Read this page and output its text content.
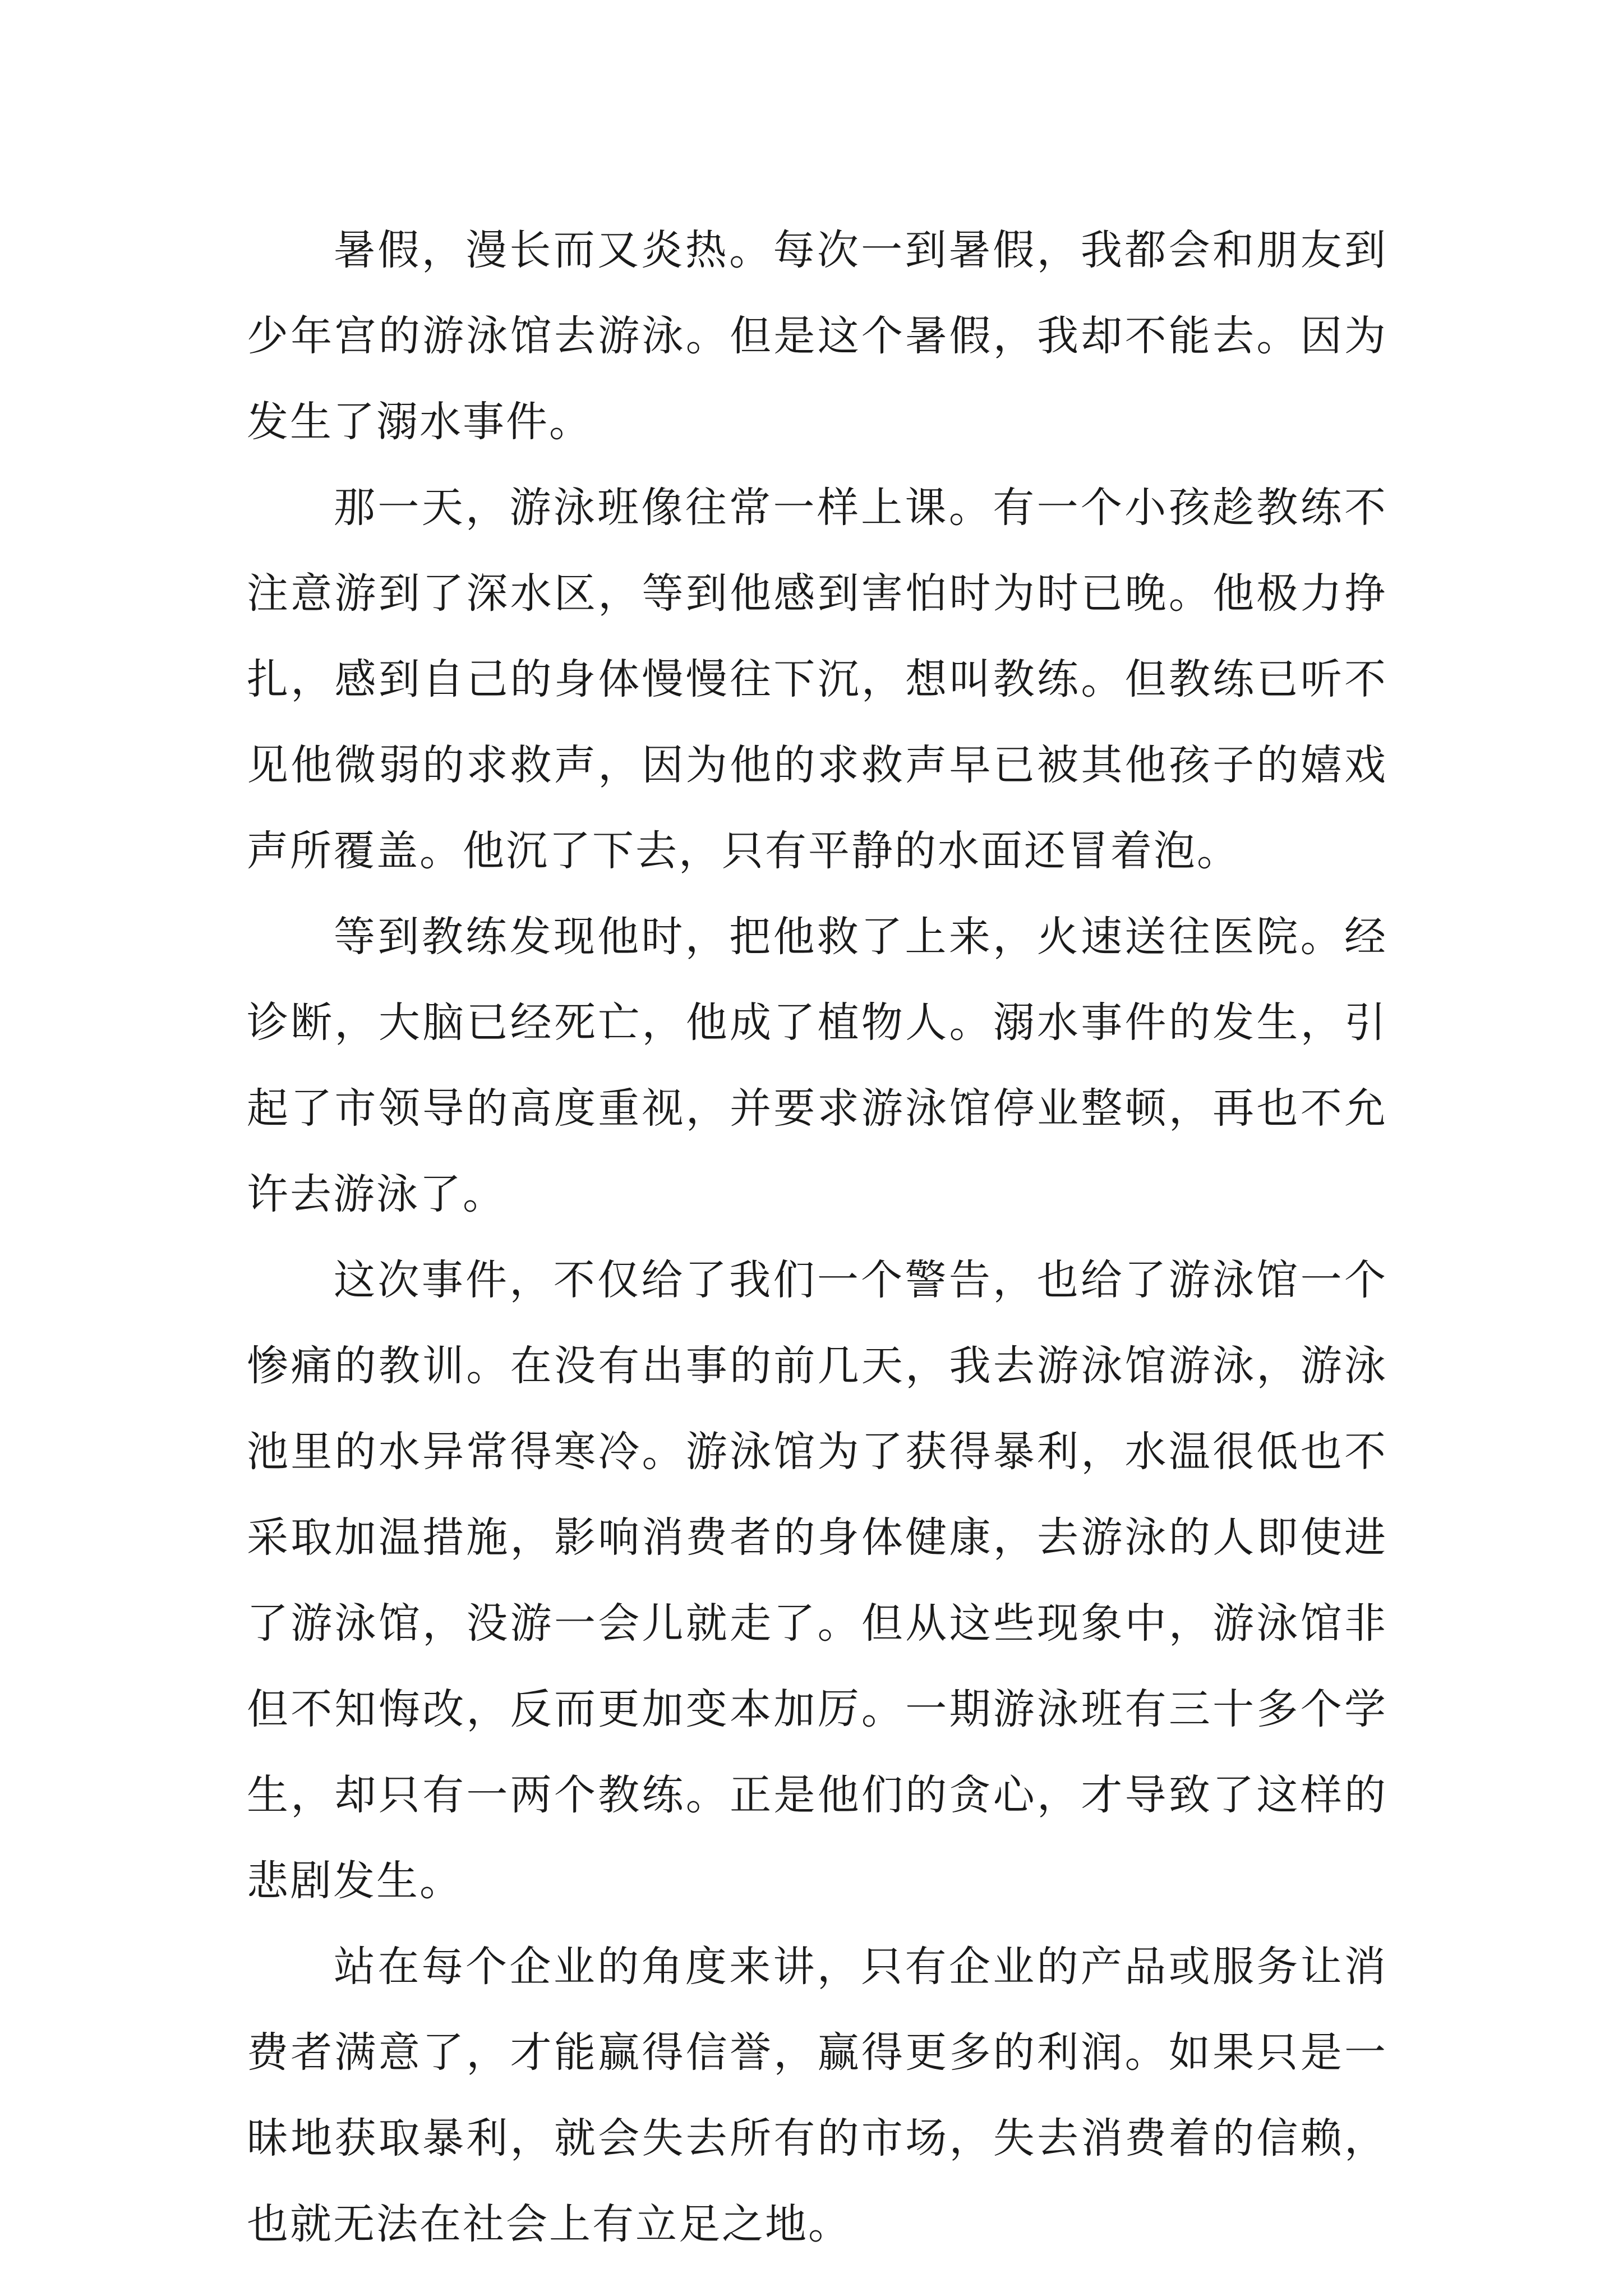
暑假，漫长而又炎热。每次一到暑假，我都会和朋友到少年宫的游泳馆去游泳。但是这个暑假，我却不能去。因为发生了溺水事件。

那一天，游泳班像往常一样上课。有一个小孩趁教练不注意游到了深水区，等到他感到害怕时为时已晚。他极力挣扎，感到自己的身体慢慢往下沉，想叫教练。但教练已听不见他微弱的求救声，因为他的求救声早已被其他孩子的嬉戏声所覆盖。他沉了下去，只有平静的水面还冒着泡。

等到教练发现他时，把他救了上来，火速送往医院。经诊断，大脑已经死亡，他成了植物人。溺水事件的发生，引起了市领导的高度重视，并要求游泳馆停业整顿，再也不允许去游泳了。

这次事件，不仅给了我们一个警告，也给了游泳馆一个惨痛的教训。在没有出事的前几天，我去游泳馆游泳，游泳池里的水异常得寒冷。游泳馆为了获得暴利，水温很低也不采取加温措施，影响消费者的身体健康，去游泳的人即使进了游泳馆，没游一会儿就走了。但从这些现象中，游泳馆非但不知悔改，反而更加变本加厉。一期游泳班有三十多个学生，却只有一两个教练。正是他们的贪心，才导致了这样的悲剧发生。

站在每个企业的角度来讲，只有企业的产品或服务让消费者满意了，才能赢得信誉，赢得更多的利润。如果只是一昧地获取暴利，就会失去所有的市场，失去消费着的信赖，也就无法在社会上有立足之地。
